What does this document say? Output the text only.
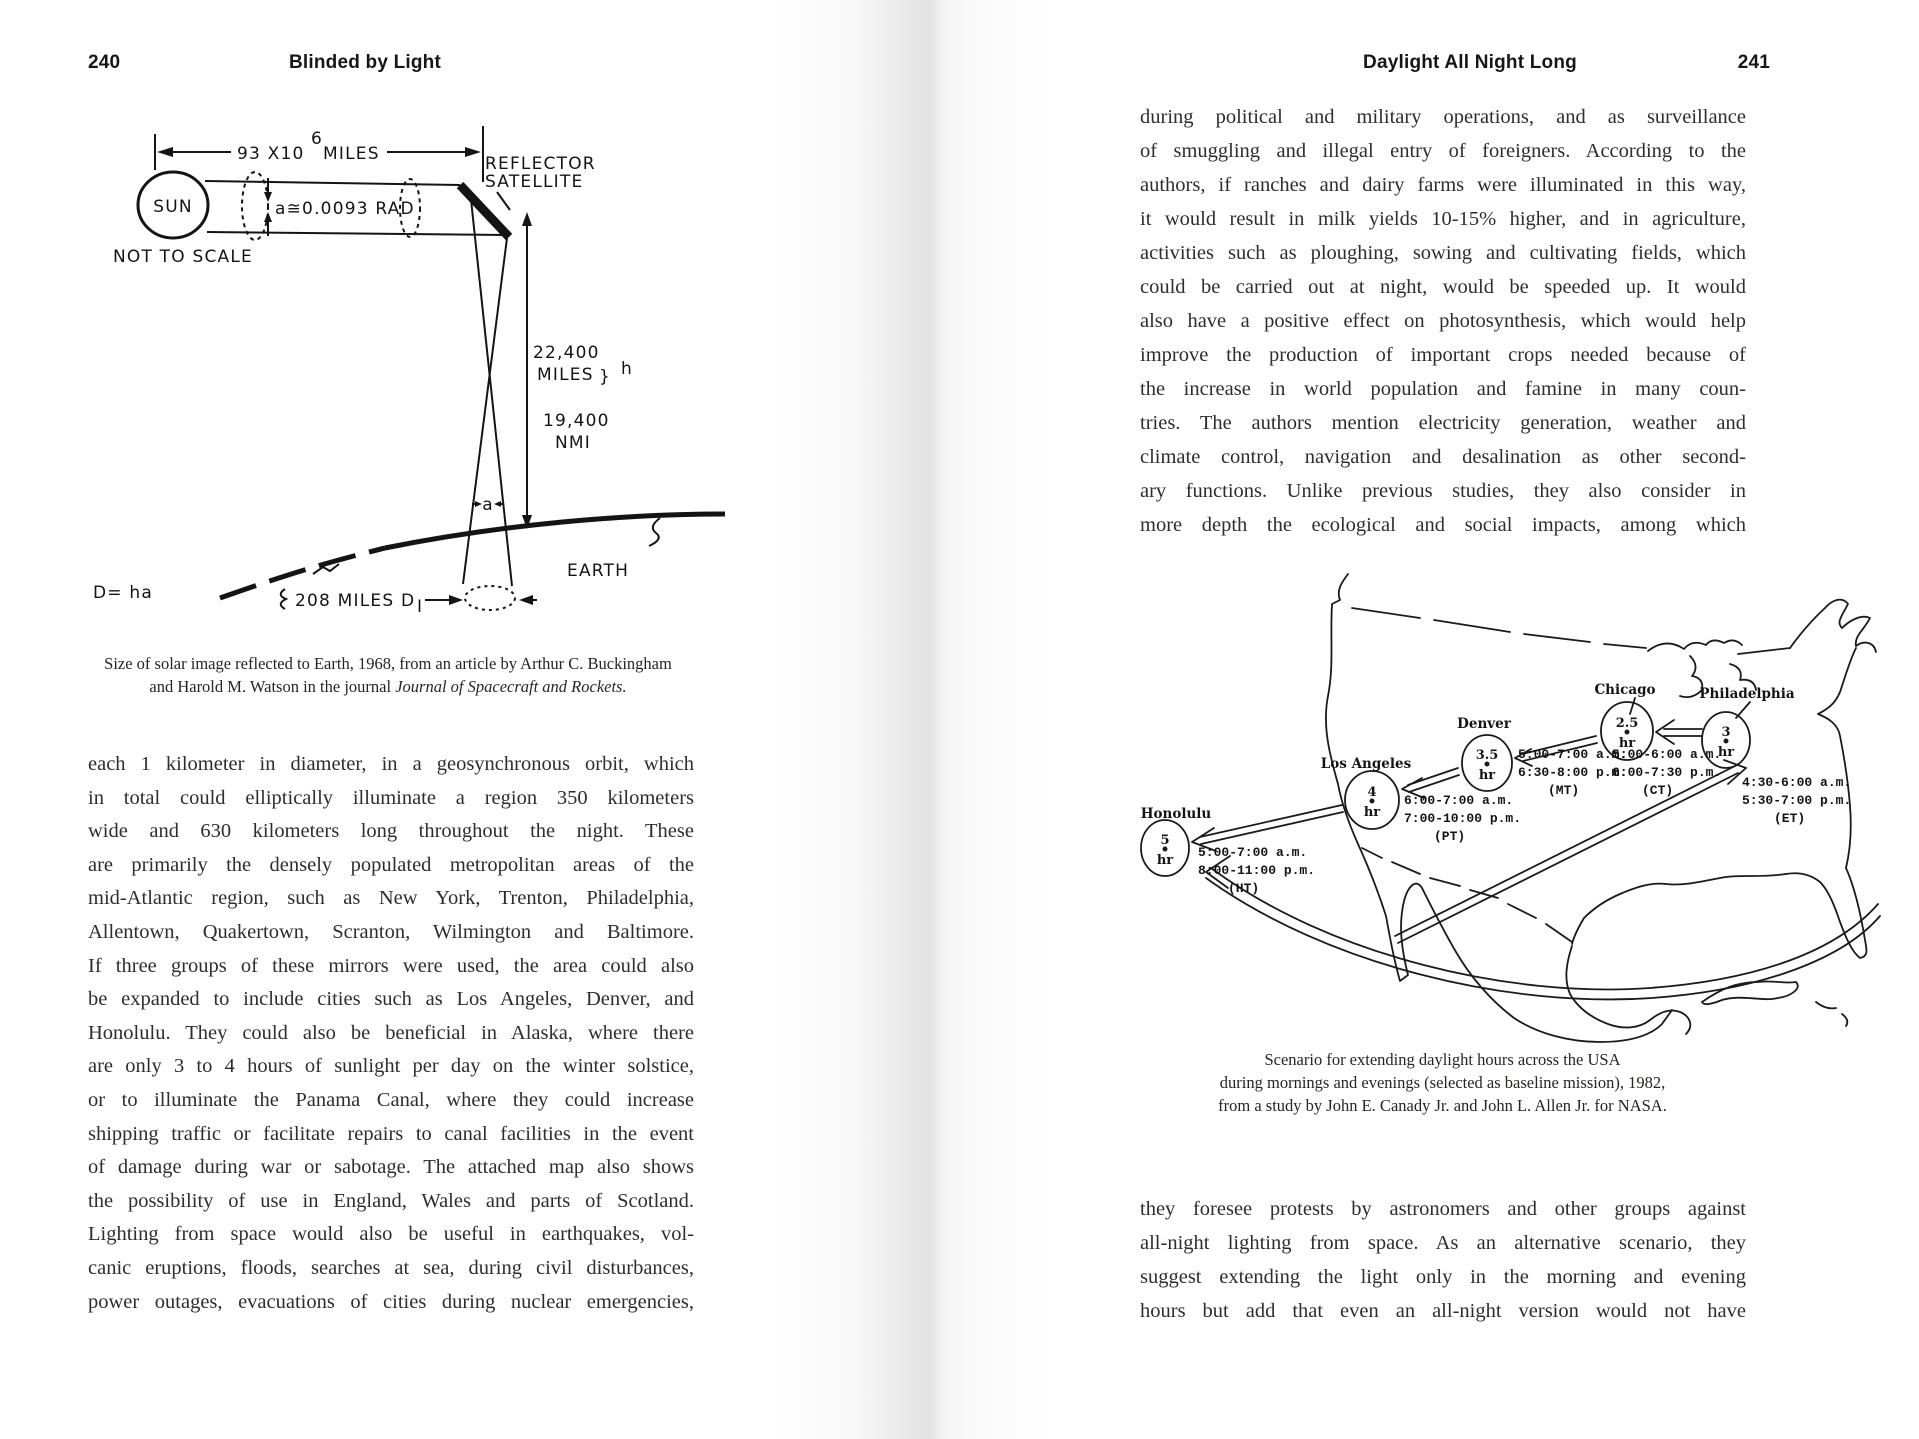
240	Blinded by Light
SUN
93 X10
6
MILES
a≅0.0093 RAD
REFLECTOR
SATELLITE
NOT TO SCALE
22,400
MILES } h
19,400
NMI
a
D= ha	208 MILES D I
EARTH
Size of solar image reflected to Earth, 1968, from an article by Arthur C. Buckingham
and Harold M. Watson in the journal Journal of Spacecraft and Rockets.
each 1 kilometer in diameter, in a geosynchronous orbit, which
in total could elliptically illuminate a region 350 kilometers
wide and 630 kilometers long throughout the night. These
are primarily the densely populated metropolitan areas of the
mid-Atlantic region, such as New York, Trenton, Philadelphia,
Allentown, Quakertown, Scranton, Wilmington and Baltimore.
If three groups of these mirrors were used, the area could also
be expanded to include cities such as Los Angeles, Denver, and
Honolulu. They could also be beneficial in Alaska, where there
are only 3 to 4 hours of sunlight per day on the winter solstice,
or to illuminate the Panama Canal, where they could increase
shipping traffic or facilitate repairs to canal facilities in the event
of damage during war or sabotage. The attached map also shows
the possibility of use in England, Wales and parts of Scotland.
Lighting from space would also be useful in earthquakes, vol-
canic eruptions, floods, searches at sea, during civil disturbances,
power outages, evacuations of cities during nuclear emergencies,
Daylight All Night Long	241
during political and military operations, and as surveillance
of smuggling and illegal entry of foreigners. According to the
authors, if ranches and dairy farms were illuminated in this way,
it would result in milk yields 10-15% higher, and in agriculture,
activities such as ploughing, sowing and cultivating fields, which
could be carried out at night, would be speeded up. It would
also have a positive effect on photosynthesis, which would help
improve the production of important crops needed because of
the increase in world population and famine in many coun-
tries. The authors mention electricity generation, weather and
climate control, navigation and desalination as other second-
ary functions. Unlike previous studies, they also consider in
more depth the ecological and social impacts, among which
Honolulu
5
hr
5:00-7:00 a.m.
8:00-11:00 p.m.
(HT)
Los Angeles
4
hr
6:00-7:00 a.m.
7:00-10:00 p.m.
(PT)
Denver
3.5
hr
5:00-7:00 a.m.
6:30-8:00 p.m.
(MT)
Chicago
2.5
hr
5:00-6:00 a.m.
6:00-7:30 p.m.
(CT)
Philadelphia
3
hr
4:30-6:00 a.m.
5:30-7:00 p.m.
(ET)
Scenario for extending daylight hours across the USA
during mornings and evenings (selected as baseline mission), 1982,
from a study by John E. Canady Jr. and John L. Allen Jr. for NASA.
they foresee protests by astronomers and other groups against
all-night lighting from space. As an alternative scenario, they
suggest extending the light only in the morning and evening
hours but add that even an all-night version would not have
